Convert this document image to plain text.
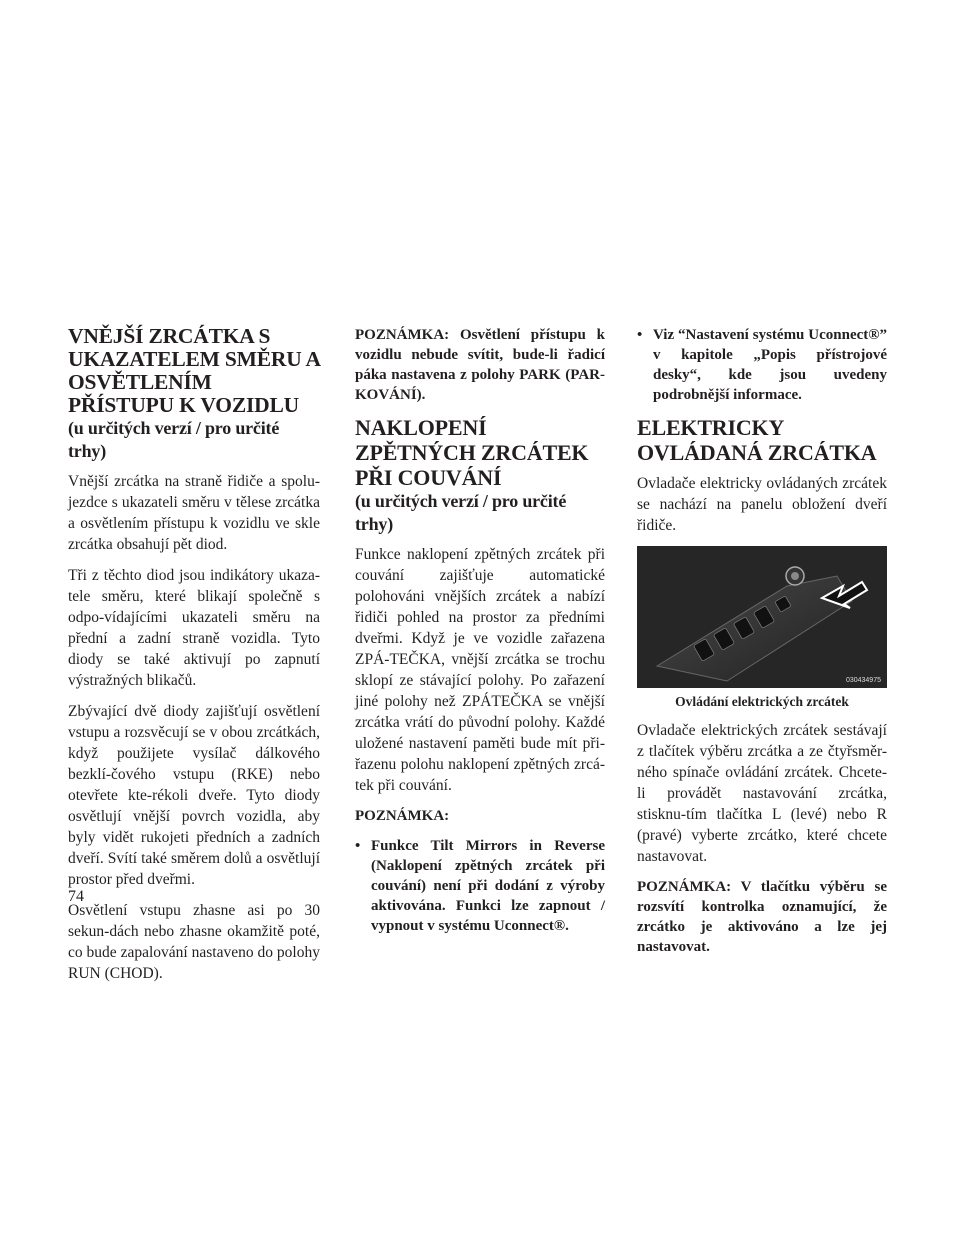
VNĚJŠÍ ZRCÁTKA S UKAZATELEM SMĚRU A OSVĚTLENÍM PŘÍSTUPU K VOZIDLU
(u určitých verzí / pro určité trhy)

Vnější zrcátka na straně řidiče a spolu-jezdce s ukazateli směru v tělese zrcátka a osvětlením přístupu k vozidlu ve skle zrcátka obsahují pět diod.

Tři z těchto diod jsou indikátory ukaza-tele směru, které blikají společně s odpo-vídajícími ukazateli směru na přední a zadní straně vozidla. Tyto diody se také aktivují po zapnutí výstražných blikačů.

Zbývající dvě diody zajišťují osvětlení vstupu a rozsvěcují se v obou zrcátkách, když použijete vysílač dálkového bezklí-čového vstupu (RKE) nebo otevřete kte-rékoli dveře. Tyto diody osvětlují vnější povrch vozidla, aby byly vidět rukojeti předních a zadních dveří. Svítí také směrem dolů a osvětlují prostor před dveřmi.

Osvětlení vstupu zhasne asi po 30 sekun-dách nebo zhasne okamžitě poté, co bude zapalování nastaveno do polohy RUN (CHOD).

POZNÁMKA: Osvětlení přístupu k vozidlu nebude svítit, bude-li řadicí páka nastavena z polohy PARK (PAR-KOVÁNÍ).

NAKLOPENÍ ZPĚTNÝCH ZRCÁTEK PŘI COUVÁNÍ
(u určitých verzí / pro určité trhy)

Funkce naklopení zpětných zrcátek při couvání zajišťuje automatické polohováni vnějších zrcátek a nabízí řidiči pohled na prostor za předními dveřmi. Když je ve vozidle zařazena ZPÁ-TEČKA, vnější zrcátka se trochu sklopí ze stávající polohy. Po zařazení jiné polohy než ZPÁTEČKA se vnější zrcátka vrátí do původní polohy. Každé uložené nastavení paměti bude mít při-řazenu polohu naklopení zpětných zrcá-tek při couvání.

POZNÁMKA:

• Funkce Tilt Mirrors in Reverse (Naklopení zpětných zrcátek při couvání) není při dodání z výroby aktivována. Funkci lze zapnout / vypnout v systému Uconnect®.
• Viz “Nastavení systému Uconnect®” v kapitole „Popis přístrojové desky“, kde jsou uvedeny podrobnější informace.
ELEKTRICKY OVLÁDANÁ ZRCÁTKA

Ovladače elektricky ovládaných zrcátek se nachází na panelu obložení dveří řidiče.

030434975
Ovládání elektrických zrcátek

Ovladače elektrických zrcátek sestávají z tlačítek výběru zrcátka a ze čtyřsměr-ného spínače ovládání zrcátek. Chcete-li provádět nastavování zrcátka, stisknu-tím tlačítka L (levé) nebo R (pravé) vyberte zrcátko, které chcete nastavovat.

POZNÁMKA: V tlačítku výběru se rozsvítí kontrolka oznamující, že zrcátko je aktivováno a lze jej nastavovat.

74
